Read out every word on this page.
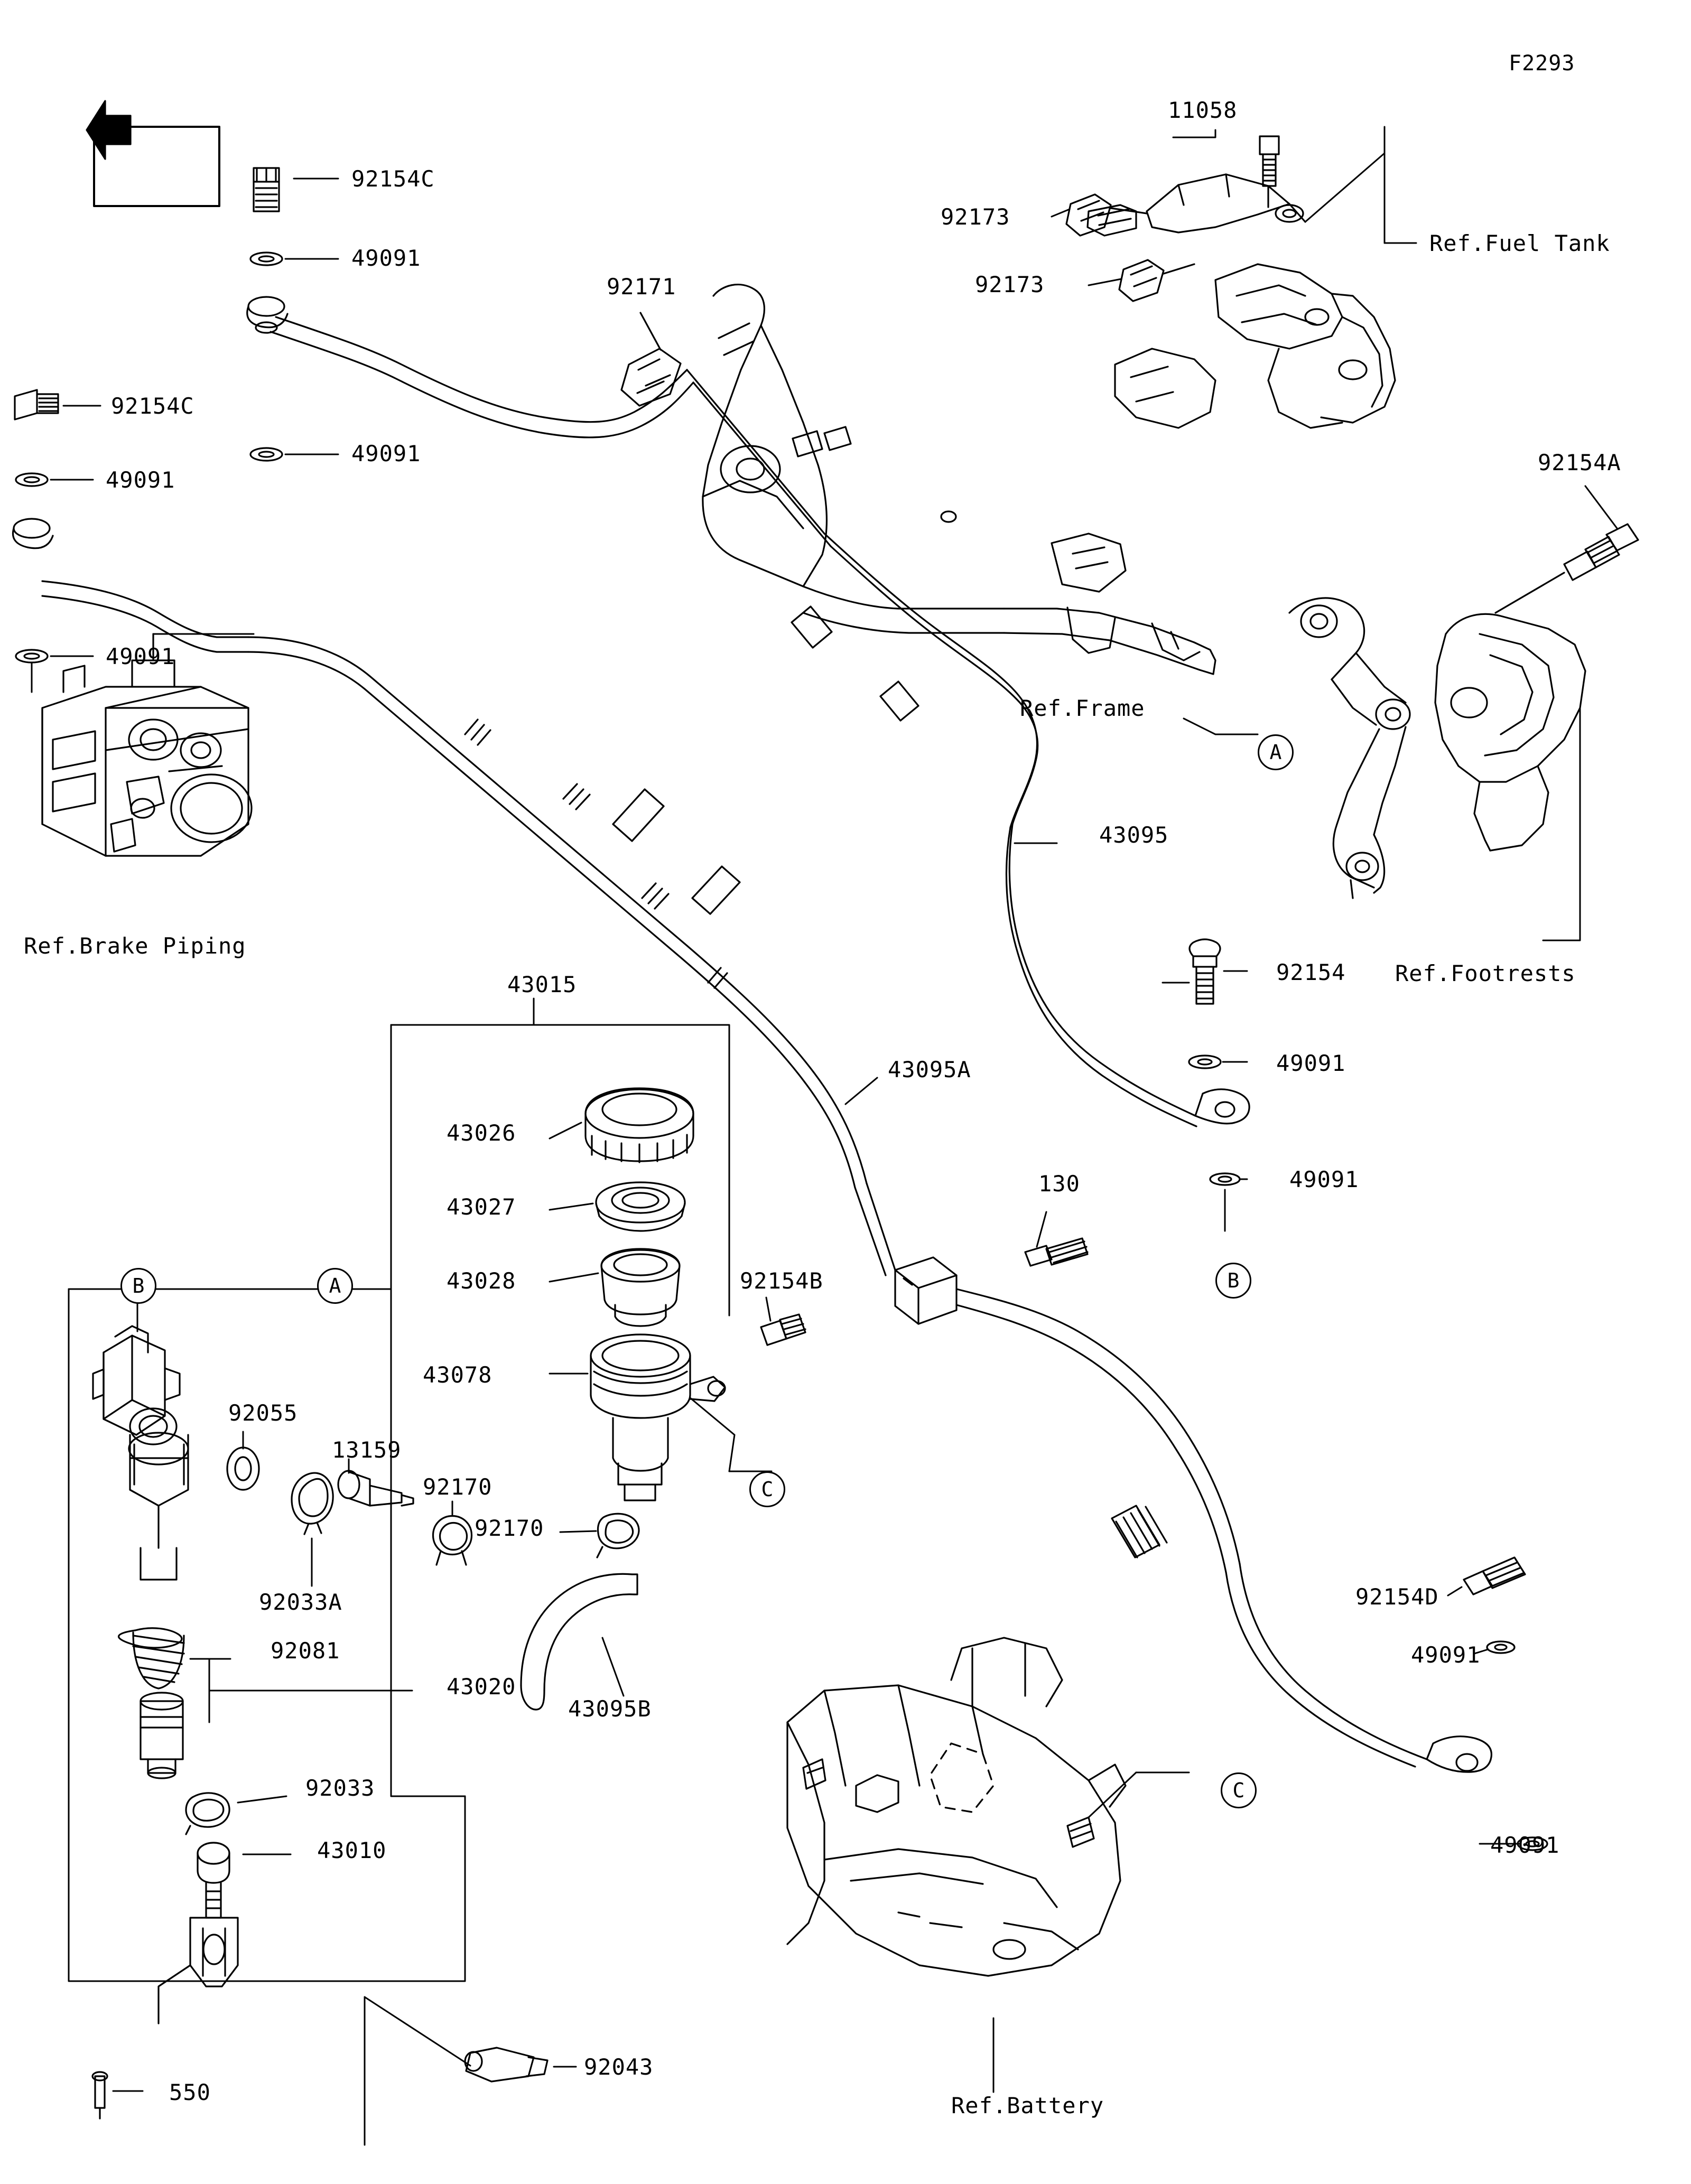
F2293
FRONT
Ref.Fuel Tank
Ref.Frame
Ref.Footrests
Ref.Brake Piping
Ref.Battery
92154C
49091
92154C
49091
49091
49091
92171
11058
92173
92173
92154A
43095
92154
49091
43015
43026
43027
43028
43078
92154B
43095A
130	49091
92055
13159
92170
92170
92033A
92081
43020
43095B
92033
43010
550
92043
92154D
49091
49091
A
A
B	B
C
C
